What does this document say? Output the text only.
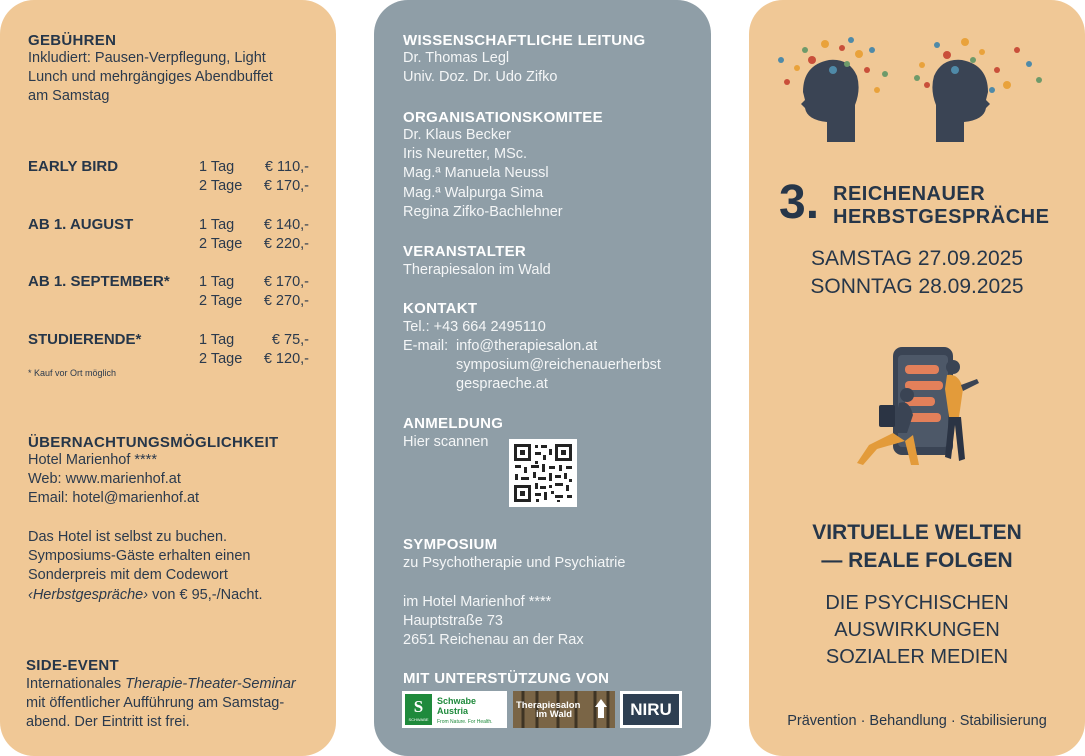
GEBÜHREN
Inkludiert: Pausen-Verpflegung, Light
Lunch und mehrgängiges Abendbuffet
am Samstag
EARLY BIRD	1 Tag € 110,-
2 Tage € 170,-
AB 1. AUGUST	1 Tag € 140,-
2 Tage € 220,-
AB 1. SEPTEMBER* 1 Tag € 170,-
2 Tage € 270,-
STUDIERENDE*	1 Tag	€ 75,-
2 Tage € 120,-
* Kauf vor Ort möglich
ÜBERNACHTUNGSMÖGLICHKEIT
Hotel Marienhof ****
Web: www.marienhof.at
Email: hotel@marienhof.at
Das Hotel ist selbst zu buchen.
Symposiums-Gäste erhalten einen
Sonderpreis mit dem Codewort
‹Herbstgespräche› von € 95,-/Nacht.
SIDE-EVENT
Internationales Therapie-Theater-Seminar
mit öffentlicher Aufführung am Samstag-
abend. Der Eintritt ist frei.
WISSENSCHAFTLICHE LEITUNG
Dr. Thomas Legl
Univ. Doz. Dr. Udo Zifko
ORGANISATIONSKOMITEE
Dr. Klaus Becker
Iris Neuretter, MSc.
Mag.ª Manuela Neussl
Mag.ª Walpurga Sima
Regina Zifko-Bachlehner
VERANSTALTER
Therapiesalon im Wald
KONTAKT
Tel.: +43 664 2495110
E-mail: info@therapiesalon.at
symposium@reichenauerherbst
gespraeche.at
ANMELDUNG
Hier scannen
SYMPOSIUM
zu Psychotherapie und Psychiatrie
im Hotel Marienhof ****
Hauptstraße 73
2651 Reichenau an der Rax
MIT UNTERSTÜTZUNG VON
S
SCHWABE
Schwabe
Austria
From Nature. For Health.
Therapiesalon
im Wald	NIRU
3. REICHENAUER
HERBSTGESPRÄCHE
SAMSTAG 27.09.2025
SONNTAG 28.09.2025
VIRTUELLE WELTEN
— REALE FOLGEN
DIE PSYCHISCHEN
AUSWIRKUNGEN
SOZIALER MEDIEN
Prävention · Behandlung · Stabilisierung
